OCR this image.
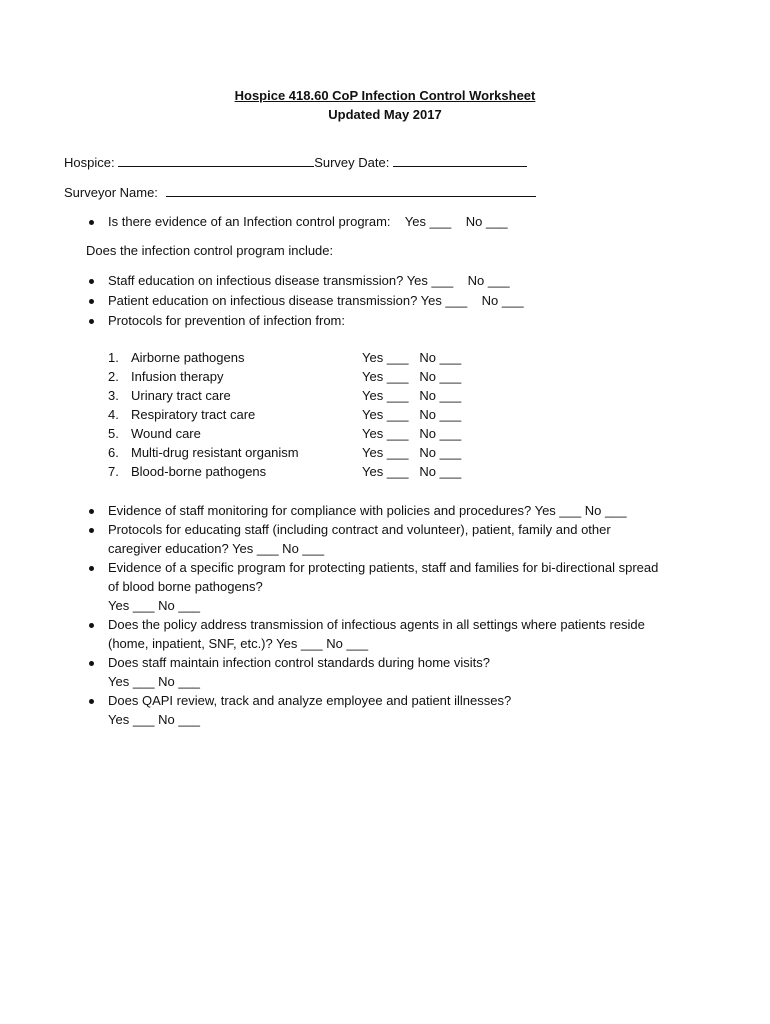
Hospice 418.60 CoP Infection Control Worksheet
Updated May 2017
Hospice:	Survey Date:
Surveyor Name:
Is there evidence of an Infection control program: Yes ___ No ___
Does the infection control program include:
Staff education on infectious disease transmission? Yes ___ No ___
Patient education on infectious disease transmission? Yes ___ No ___
Protocols for prevention of infection from:
1. Airborne pathogens	Yes ___ No ___
2. Infusion therapy	Yes ___ No ___
3. Urinary tract care	Yes ___ No ___
4. Respiratory tract care	Yes ___ No ___
5. Wound care	Yes ___ No ___
6. Multi-drug resistant organism	Yes ___ No ___
7. Blood-borne pathogens	Yes ___ No ___
Evidence of staff monitoring for compliance with policies and procedures? Yes ___ No ___
Protocols for educating staff (including contract and volunteer), patient, family and other
caregiver education? Yes ___ No ___
Evidence of a specific program for protecting patients, staff and families for bi-directional spread
of blood borne pathogens?
Yes ___ No ___
Does the policy address transmission of infectious agents in all settings where patients reside
(home, inpatient, SNF, etc.)? Yes ___ No ___
Does staff maintain infection control standards during home visits?
Yes ___ No ___
Does QAPI review, track and analyze employee and patient illnesses?
Yes ___ No ___
